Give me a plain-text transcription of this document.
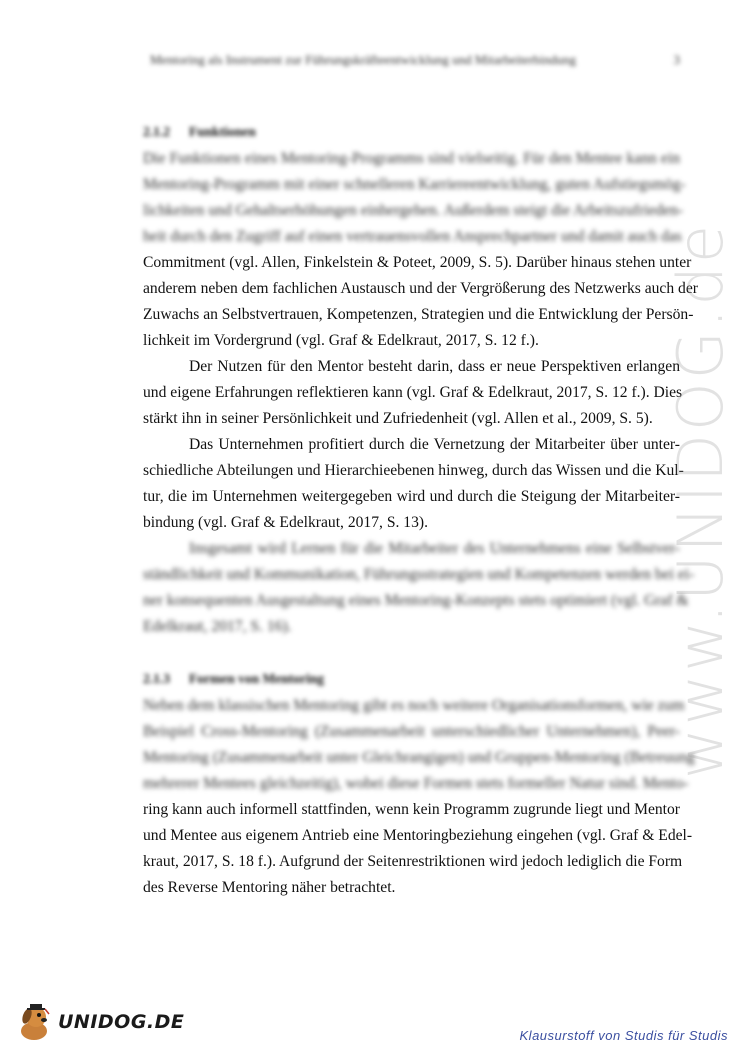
Mentoring als Instrument zur Führungskräfteentwicklung und Mitarbeiterbindung	3
2.1.2 Funktionen
Die Funktionen eines Mentoring-Programms sind vielseitig. Für den Mentee kann ein
Mentoring-Programm mit einer schnelleren Karriereentwicklung, guten Aufstiegsmög-
lichkeiten und Gehaltserhöhungen einhergehen. Außerdem steigt die Arbeitszufrieden-
heit durch den Zugriff auf einen vertrauensvollen Ansprechpartner und damit auch das
Commitment (vgl. Allen, Finkelstein & Poteet, 2009, S. 5). Darüber hinaus stehen unter
anderem neben dem fachlichen Austausch und der Vergrößerung des Netzwerks auch der
Zuwachs an Selbstvertrauen, Kompetenzen, Strategien und die Entwicklung der Persön-
lichkeit im Vordergrund (vgl. Graf & Edelkraut, 2017, S. 12 f.).
Der Nutzen für den Mentor besteht darin, dass er neue Perspektiven erlangen
und eigene Erfahrungen reflektieren kann (vgl. Graf & Edelkraut, 2017, S. 12 f.). Dies
stärkt ihn in seiner Persönlichkeit und Zufriedenheit (vgl. Allen et al., 2009, S. 5).
Das Unternehmen profitiert durch die Vernetzung der Mitarbeiter über unter-
schiedliche Abteilungen und Hierarchieebenen hinweg, durch das Wissen und die Kul-
tur, die im Unternehmen weitergegeben wird und durch die Steigung der Mitarbeiter-
bindung (vgl. Graf & Edelkraut, 2017, S. 13).
Insgesamt wird Lernen für die Mitarbeiter des Unternehmens eine Selbstver-
ständlichkeit und Kommunikation, Führungsstrategien und Kompetenzen werden bei ei-
ner konsequenten Ausgestaltung eines Mentoring-Konzepts stets optimiert (vgl. Graf &
Edelkraut, 2017, S. 16).
2.1.3 Formen von Mentoring
Neben dem klassischen Mentoring gibt es noch weitere Organisationsformen, wie zum
Beispiel Cross-Mentoring (Zusammenarbeit unterschiedlicher Unternehmen), Peer-
Mentoring (Zusammenarbeit unter Gleichrangigen) und Gruppen-Mentoring (Betreuung
mehrerer Mentees gleichzeitig), wobei diese Formen stets formeller Natur sind. Mento-
ring kann auch informell stattfinden, wenn kein Programm zugrunde liegt und Mentor
und Mentee aus eigenem Antrieb eine Mentoringbeziehung eingehen (vgl. Graf & Edel-
kraut, 2017, S. 18 f.). Aufgrund der Seitenrestriktionen wird jedoch lediglich die Form
des Reverse Mentoring näher betrachtet.
www.UNIDOG.de
UNIDOG.DE
Klausurstoff von Studis für Studis
